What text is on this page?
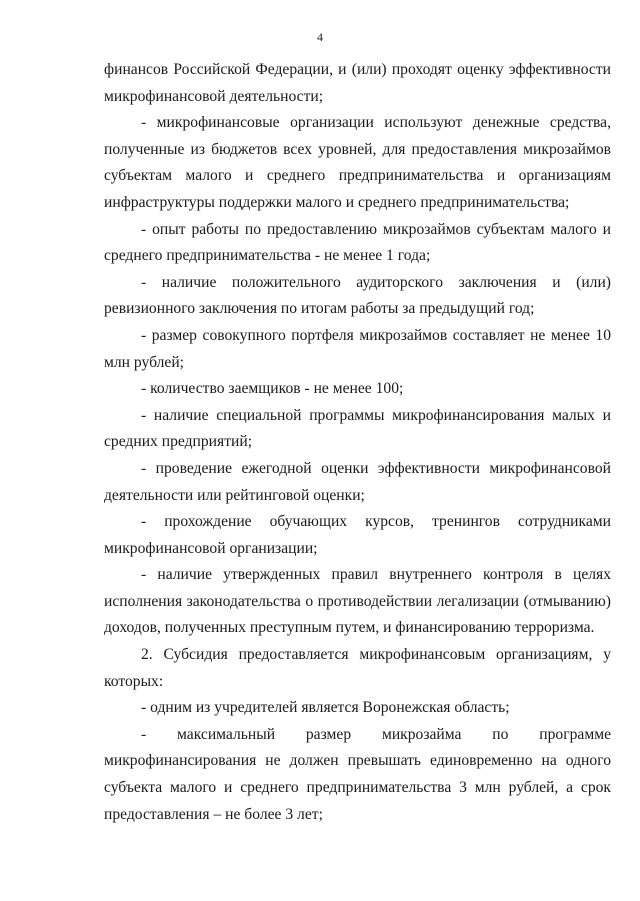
4

финансов Российской Федерации, и (или) проходят оценку эффективности микрофинансовой деятельности;

- микрофинансовые организации используют денежные средства, полученные из бюджетов всех уровней, для предоставления микрозаймов субъектам малого и среднего предпринимательства и организациям инфраструктуры поддержки малого и среднего предпринимательства;

- опыт работы по предоставлению микрозаймов субъектам малого и среднего предпринимательства - не менее 1 года;

- наличие положительного аудиторского заключения и (или) ревизионного заключения по итогам работы за предыдущий год;

- размер совокупного портфеля микрозаймов составляет не менее 10 млн рублей;

- количество заемщиков - не менее 100;

- наличие специальной программы микрофинансирования малых и средних предприятий;

- проведение ежегодной оценки эффективности микрофинансовой деятельности или рейтинговой оценки;

- прохождение обучающих курсов, тренингов сотрудниками микрофинансовой организации;

- наличие утвержденных правил внутреннего контроля в целях исполнения законодательства о противодействии легализации (отмыванию) доходов, полученных преступным путем, и финансированию терроризма.

2. Субсидия предоставляется микрофинансовым организациям, у которых:

- одним из учредителей является Воронежская область;

- максимальный размер микрозайма по программе микрофинансирования не должен превышать единовременно на одного субъекта малого и среднего предпринимательства 3 млн рублей, а срок предоставления – не более 3 лет;
